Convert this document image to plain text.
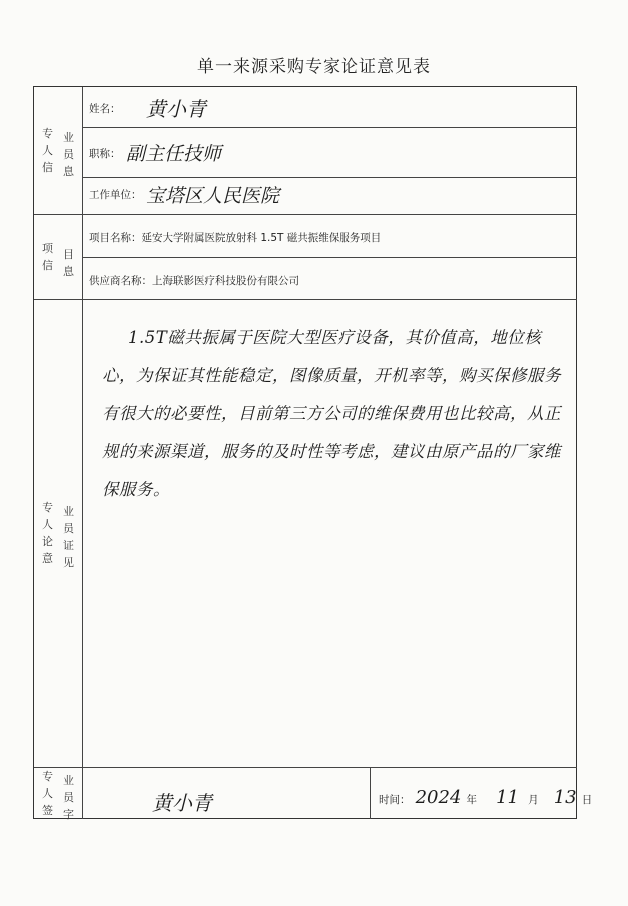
单一来源采购专家论证意见表
专
人
信
业
员
息
项
信
目
息
专
人
论
意
业
员
证
见
专
人
签
业
员
字
姓名： 黄小青
职称： 副主任技师
工作单位： 宝塔区人民医院
项目名称：延安大学附属医院放射科 1.5T 磁共振维保服务项目
供应商名称：上海联影医疗科技股份有限公司
1.5T磁共振属于医院大型医疗设备，其价值高，地位核心，为保证其性能稳定，图像质量，开机率等，购买保修服务有很大的必要性，目前第三方公司的维保费用也比较高，从正规的来源渠道，服务的及时性等考虑，建议由原产品的厂家维保服务。
黄小青	时间： 2024 年 11 月 13 日
